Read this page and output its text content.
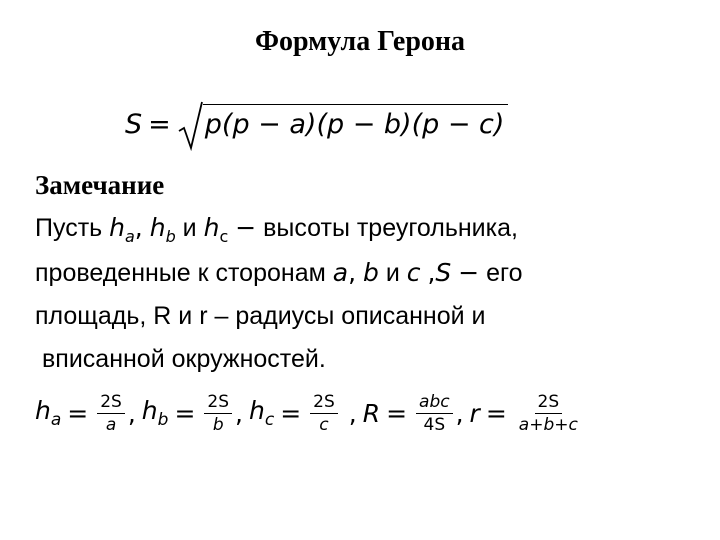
Формула Герона
S = p(p − a)(p − b)(p − c)
Замечание
Пусть $h_a$, $h_b$ и $h_c$ − высоты треугольника,
проведенные к сторонам a, b и c ,S − его
площадь, R и r – радиусы описанной и
вписанной окружностей.
$h_a = \frac{2S}{a}$ , $h_b = \frac{2S}{b}$ , $h_c = \frac{2S}{c}$ , $R = \frac{\text{abc}}{4S}$ , $r = \frac{2S}{a+b+c}$
